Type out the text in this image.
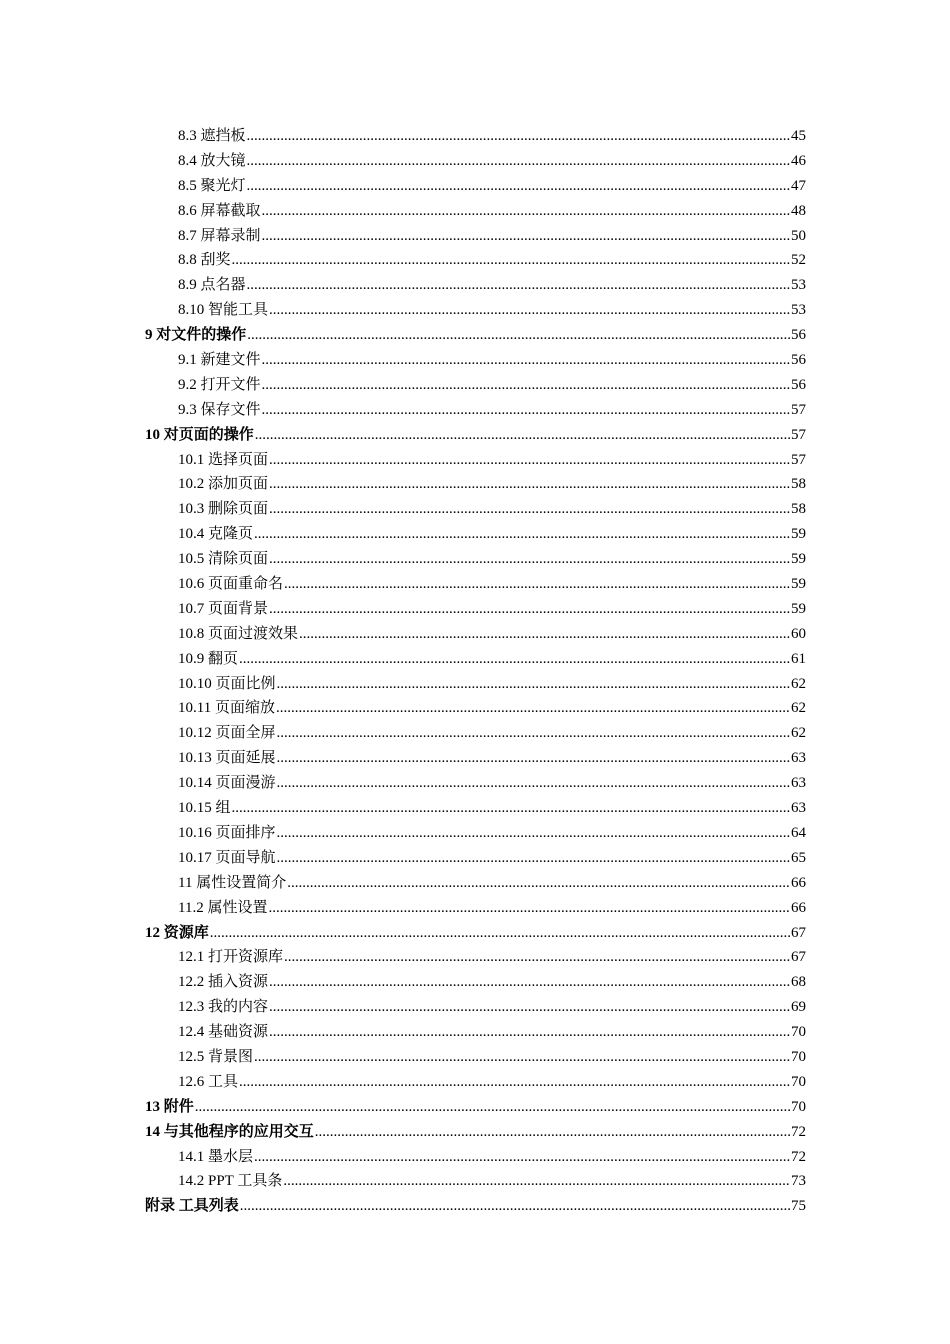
8.3 遮挡板 .....	45
8.4 放大镜 .....	46
8.5 聚光灯 .....	47
8.6 屏幕截取 .....	48
8.7 屏幕录制 .....	50
8.8 刮奖 .....	52
8.9 点名器 .....	53
8.10 智能工具 .....	53
9 对文件的操作 .....	56
9.1 新建文件 .....	56
9.2 打开文件 .....	56
9.3 保存文件 .....	57
10 对页面的操作 .....	57
10.1 选择页面 .....	57
10.2 添加页面 .....	58
10.3 删除页面 .....	58
10.4 克隆页 .....	59
10.5 清除页面 .....	59
10.6 页面重命名 .....	59
10.7 页面背景 .....	59
10.8 页面过渡效果 .....	60
10.9 翻页 .....	61
10.10 页面比例 .....	62
10.11 页面缩放 .....	62
10.12 页面全屏 .....	62
10.13 页面延展 .....	63
10.14 页面漫游 .....	63
10.15 组 .....	63
10.16 页面排序 .....	64
10.17 页面导航 .....	65
11 属性设置简介 .....	66
11.2 属性设置 .....	66
12 资源库 .....	67
12.1 打开资源库 .....	67
12.2 插入资源 .....	68
12.3 我的内容 .....	69
12.4 基础资源 .....	70
12.5 背景图 .....	70
12.6 工具 .....	70
13 附件 .....	70
14 与其他程序的应用交互 .....	72
14.1 墨水层 .....	72
14.2 PPT 工具条 .....	73
附录 工具列表 .....	75
